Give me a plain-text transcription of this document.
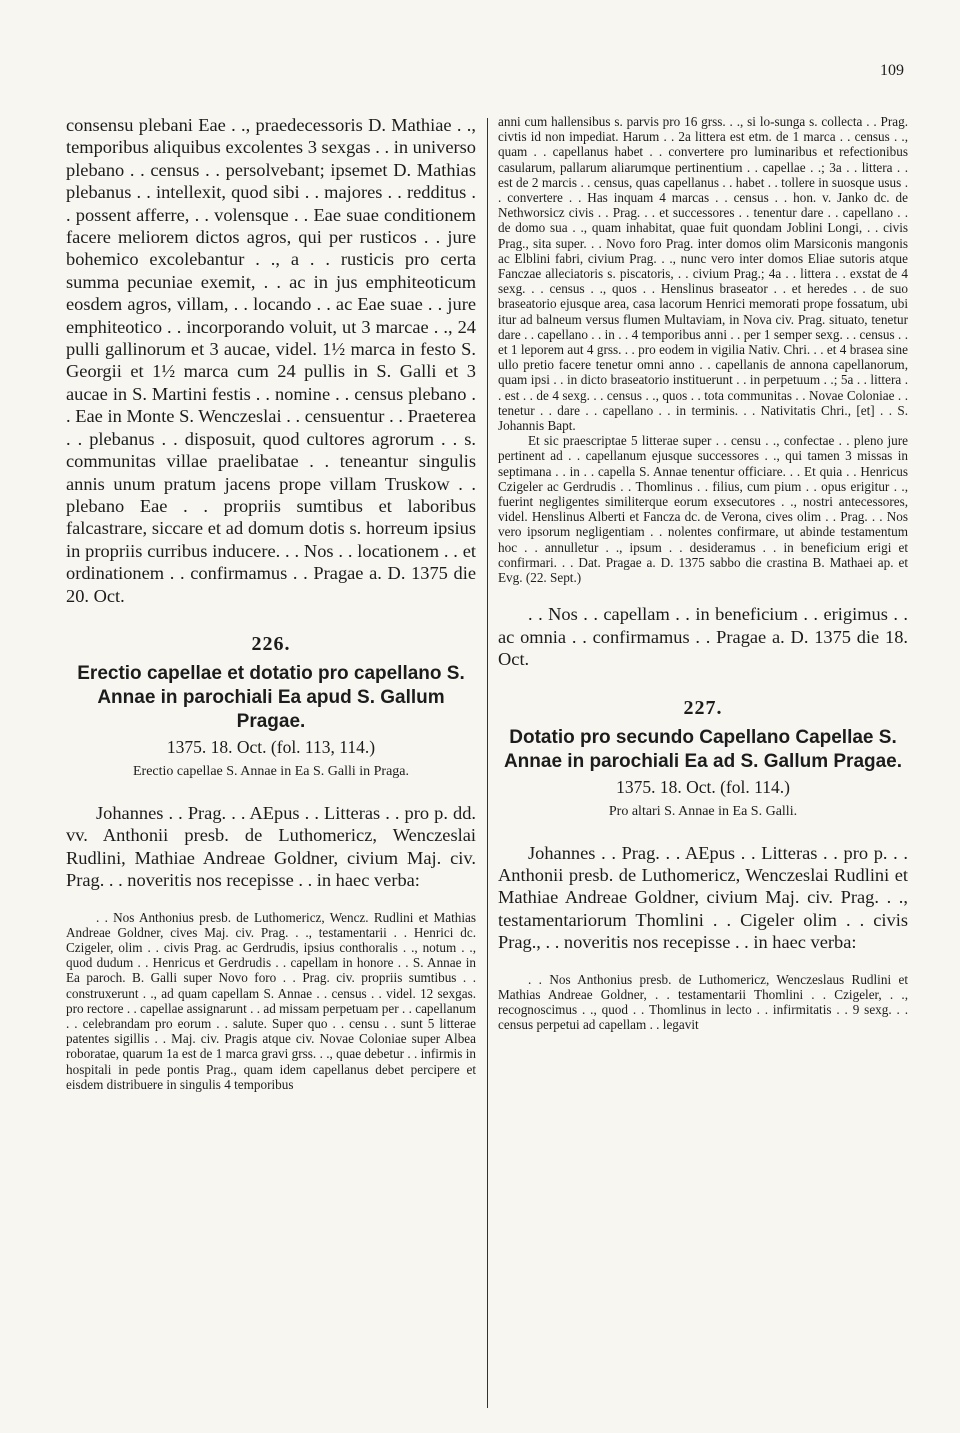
109

consensu plebani Eae . ., praedecessoris D. Mathiae . ., temporibus aliquibus excolentes 3 sexgas . . in universo plebano . . census . . persolvebant; ipsemet D. Mathias plebanus . . intellexit, quod sibi . . majores . . redditus . . possent afferre, . . volensque . . Eae suae conditionem facere meliorem dictos agros, qui per rusticos . . jure bohemico excolebantur . ., a . . rusticis pro certa summa pecuniae exemit, . . ac in jus emphiteoticum eosdem agros, villam, . . locando . . ac Eae suae . . jure emphiteotico . . incorporando voluit, ut 3 marcae . ., 24 pulli gallinorum et 3 aucae, videl. 1½ marca in festo S. Georgii et 1½ marca cum 24 pullis in S. Galli et 3 aucae in S. Martini festis . . nomine . . census plebano . . Eae in Monte S. Wenczeslai . . censuentur . . Praeterea . . plebanus . . disposuit, quod cultores agrorum . . s. communitas villae praelibatae . . teneantur singulis annis unum pratum jacens prope villam Truskow . . plebano Eae . . propriis sumtibus et laboribus falcastrare, siccare et ad domum dotis s. horreum ipsius in propriis curribus inducere. . . Nos . . locationem . . et ordinationem . . confirmamus . . Pragae a. D. 1375 die 20. Oct.

226.

Erectio capellae et dotatio pro capellano S. Annae in parochiali Ea apud S. Gallum Pragae.

1375. 18. Oct. (fol. 113, 114.)
Erectio capellae S. Annae in Ea S. Galli in Praga.

Johannes . . Prag. . . AEpus . . Litteras . . pro p. dd. vv. Anthonii presb. de Luthomericz, Wenczeslai Rudlini, Mathiae Andreae Goldner, civium Maj. civ. Prag. . . noveritis nos recepisse . . in haec verba:

. . Nos Anthonius presb. de Luthomericz, Wencz. Rudlini et Mathias Andreae Goldner, cives Maj. civ. Prag. . ., testamentarii . . Henrici dc. Czigeler, olim . . civis Prag. ac Gerdrudis, ipsius conthoralis . ., notum . ., quod dudum . . Henricus et Gerdrudis . . capellam in honore . . S. Annae in Ea paroch. B. Galli super Novo foro . . Prag. civ. propriis sumtibus . . construxerunt . ., ad quam capellam S. Annae . . census . . videl. 12 sexgas. pro rectore . . capellae assignarunt . . ad missam perpetuam per . . capellanum . . celebrandam pro eorum . . salute. Super quo . . censu . . sunt 5 litterae patentes sigillis . . Maj. civ. Pragis atque civ. Novae Coloniae super Albea roboratae, quarum 1a est de 1 marca gravi grss. . ., quae debetur . . infirmis in hospitali in pede pontis Prag., quam idem capellanus debet percipere et eisdem distribuere in singulis 4 temporibus

anni cum hallensibus s. parvis pro 16 grss. . ., si lo-sunga s. collecta . . Prag. civtis id non impediat. Harum . . 2a littera est etm. de 1 marca . . census . ., quam . . capellanus habet . . convertere pro luminaribus et refectionibus casularum, pallarum aliarumque pertinentium . . capellae . .; 3a . . littera . . est de 2 marcis . . census, quas capellanus . . habet . . tollere in suosque usus . . convertere . . Has inquam 4 marcas . . census . . hon. v. Janko dc. de Nethworsicz civis . . Prag. . . et successores . . tenentur dare . . capellano . . de domo sua . ., quam inhabitat, quae fuit quondam Joblini Longi, . . civis Prag., sita super. . . Novo foro Prag. inter domos olim Marsiconis mangonis ac Elblini fabri, civium Prag. . ., nunc vero inter domos Eliae sutoris atque Fanczae alleciatoris s. piscatoris, . . civium Prag.; 4a . . littera . . exstat de 4 sexg. . . census . ., quos . . Henslinus braseator . . et heredes . . de suo braseatorio ejusque area, casa lacorum Henrici memorati prope fossatum, ubi itur ad balneum versus flumen Multaviam, in Nova civ. Prag. situato, tenetur dare . . capellano . . in . . 4 temporibus anni . . per 1 semper sexg. . . census . . et 1 leporem aut 4 grss. . . pro eodem in vigilia Nativ. Chri. . . et 4 brasea sine ullo pretio facere tenetur omni anno . . capellanis de annona capellanorum, quam ipsi . . in dicto braseatorio instituerunt . . in perpetuum . .; 5a . . littera . . est . . de 4 sexg. . . census . ., quos . . tota communitas . . Novae Coloniae . . tenetur . . dare . . capellano . . in terminis. . . Nativitatis Chri., [et] . . S. Johannis Bapt.

Et sic praescriptae 5 litterae super . . censu . ., confectae . . pleno jure pertinent ad . . capellanum ejusque successores . ., qui tamen 3 missas in septimana . . in . . capella S. Annae tenentur officiare. . . Et quia . . Henricus Czigeler ac Gerdrudis . . Thomlinus . . filius, cum pium . . opus erigitur . ., fuerint negligentes similiterque eorum exsecutores . ., nostri antecessores, videl. Henslinus Alberti et Fancza dc. de Verona, cives olim . . Prag. . . Nos vero ipsorum negligentiam . . nolentes confirmare, ut abinde testamentum hoc . . annulletur . ., ipsum . . desideramus . . in beneficium erigi et confirmari. . . Dat. Pragae a. D. 1375 sabbo die crastina B. Mathaei ap. et Evg. (22. Sept.)

. . Nos . . capellam . . in beneficium . . erigimus . . ac omnia . . confirmamus . . Pragae a. D. 1375 die 18. Oct.

227.

Dotatio pro secundo Capellano Capellae S. Annae in parochiali Ea ad S. Gallum Pragae.

1375. 18. Oct. (fol. 114.)
Pro altari S. Annae in Ea S. Galli.

Johannes . . Prag. . . AEpus . . Litteras . . pro p. . . Anthonii presb. de Luthomericz, Wenczeslai Rudlini et Mathiae Andreae Goldner, civium Maj. civ. Prag. . ., testamentariorum Thomlini . . Cigeler olim . . civis Prag., . . noveritis nos recepisse . . in haec verba:

. . Nos Anthonius presb. de Luthomericz, Wenczeslaus Rudlini et Mathias Andreae Goldner, . . testamentarii Thomlini . . Czigeler, . ., recognoscimus . ., quod . . Thomlinus in lecto . . infirmitatis . . 9 sexg. . . census perpetui ad capellam . . legavit
